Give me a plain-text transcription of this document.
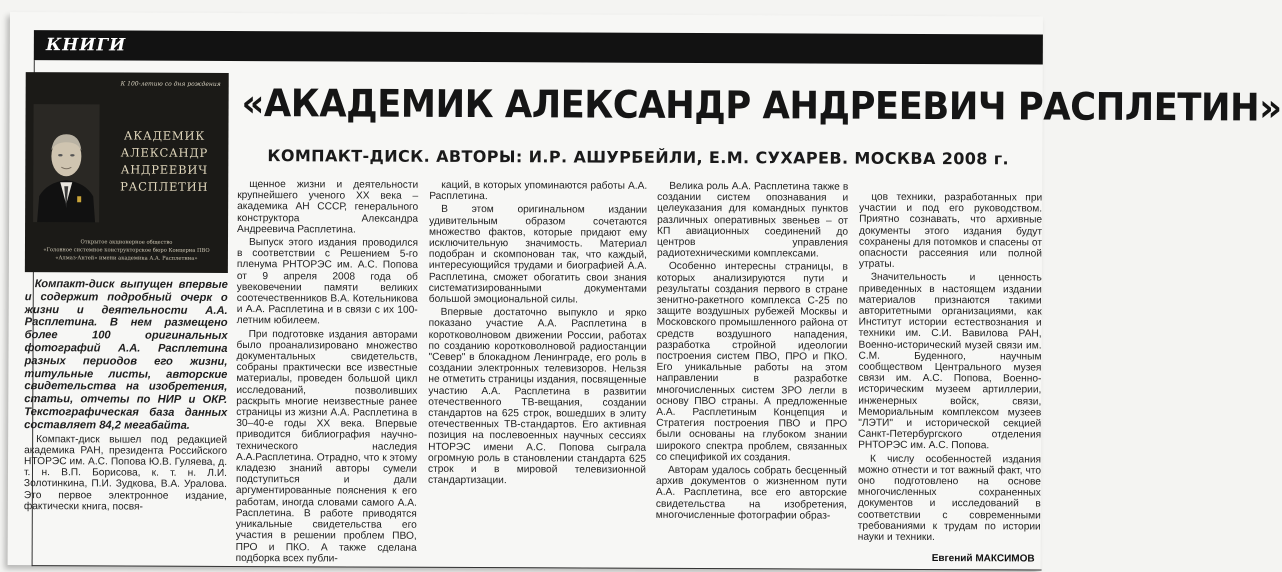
КНИГИ
К 100-летию со дня рождения
АКАДЕМИК
АЛЕКСАНДР
АНДРЕЕВИЧ
РАСПЛЕТИН
Открытое акционерное общество
«Головное системное конструкторское бюро Концерна ПВО
«Алмаз-Антей» имени академика А.А. Расплетина»
«АКАДЕМИК АЛЕКСАНДР АНДРЕЕВИЧ РАСПЛЕТИН»
КОМПАКТ-ДИСК. АВТОРЫ: И.Р. АШУРБЕЙЛИ, Е.М. СУХАРЕВ. МОСКВА 2008 г.

Компакт-диск выпущен впервые и содержит подробный очерк о жизни и деятельности А.А. Расплетина. В нем размещено более 100 оригинальных фотографий А.А. Расплетина разных периодов его жизни, титульные листы, авторские свидетельства на изобретения, статьи, отчеты по НИР и ОКР. Текстографическая база данных составляет 84,2 мегабайта.

Компакт-диск вышел под редакцией академика РАН, президента Российского НТОРЭС им. А.С. Попова Ю.В. Гуляева, д. т. н. В.П. Борисова, к. т. н. Л.И. Золотинкина, П.И. Зудкова, В.А. Уралова. Это первое электронное издание, фактически книга, посвя-

щенное жизни и деятельности крупнейшего ученого XX века – академика АН СССР, генерального конструктора Александра Андреевича Расплетина.

Выпуск этого издания проводился в соответствии с Решением 5-го пленума РНТОРЭС им. А.С. Попова от 9 апреля 2008 года об увековечении памяти великих соотечественников В.А. Котельникова и А.А. Расплетина и в связи с их 100-летним юбилеем.

При подготовке издания авторами было проанализировано множество документальных свидетельств, собраны практически все известные материалы, проведен большой цикл исследований, позволивших раскрыть многие неизвестные ранее страницы из жизни А.А. Расплетина в 30–40-е годы XX века. Впервые приводится библиография научно-технического наследия А.А.Расплетина. Отрадно, что к этому кладезю знаний авторы сумели подступиться и дали аргументированные пояснения к его работам, иногда словами самого А.А. Расплетина. В работе приводятся уникальные свидетельства его участия в решении проблем ПВО, ПРО и ПКО. А также сделана подборка всех публи-

каций, в которых упоминаются работы А.А. Расплетина.

В этом оригинальном издании удивительным образом сочетаются множество фактов, которые придают ему исключительную значимость. Материал подобран и скомпонован так, что каждый, интересующийся трудами и биографией А.А. Расплетина, сможет обогатить свои знания систематизированными документами большой эмоциональной силы.

Впервые достаточно выпукло и ярко показано участие А.А. Расплетина в коротковолновом движении России, работах по созданию коротковолновой радиостанции "Север" в блокадном Ленинграде, его роль в создании электронных телевизоров. Нельзя не отметить страницы издания, посвященные участию А.А. Расплетина в развитии отечественного ТВ-вещания, создании стандартов на 625 строк, вошедших в элиту отечественных ТВ-стандартов. Его активная позиция на послевоенных научных сессиях НТОРЭС имени А.С. Попова сыграла огромную роль в становлении стандарта 625 строк и в мировой телевизионной стандартизации.

Велика роль А.А. Расплетина также в создании систем опознавания и целеуказания для командных пунктов различных оперативных звеньев – от КП авиационных соединений до центров управления радиотехническими комплексами.

Особенно интересны страницы, в которых анализируются пути и результаты создания первого в стране зенитно-ракетного комплекса С-25 по защите воздушных рубежей Москвы и Московского промышленного района от средств воздушного нападения, разработка стройной идеологии построения систем ПВО, ПРО и ПКО. Его уникальные работы на этом направлении в разработке многочисленных систем ЗРО легли в основу ПВО страны. А предложенные А.А. Расплетиным Концепция и Стратегия построения ПВО и ПРО были основаны на глубоком знании широкого спектра проблем, связанных со спецификой их создания.

Авторам удалось собрать бесценный архив документов о жизненном пути А.А. Расплетина, все его авторские свидетельства на изобретения, многочисленные фотографии образ-

цов техники, разработанных при участии и под его руководством. Приятно сознавать, что архивные документы этого издания будут сохранены для потомков и спасены от опасности рассеяния или полной утраты.

Значительность и ценность приведенных в настоящем издании материалов признаются такими авторитетными организациями, как Институт истории естествознания и техники им. С.И. Вавилова РАН, Военно-исторический музей связи им. С.М. Буденного, научным сообществом Центрального музея связи им. А.С. Попова, Военно-историческим музеем артиллерии, инженерных войск, связи, Мемориальным комплексом музеев "ЛЭТИ" и исторической секцией Санкт-Петербургского отделения РНТОРЭС им. А.С. Попова.

К числу особенностей издания можно отнести и тот важный факт, что оно подготовлено на основе многочисленных сохраненных документов и исследований в соответствии с современными требованиями к трудам по истории науки и техники.

Евгений МАКСИМОВ
